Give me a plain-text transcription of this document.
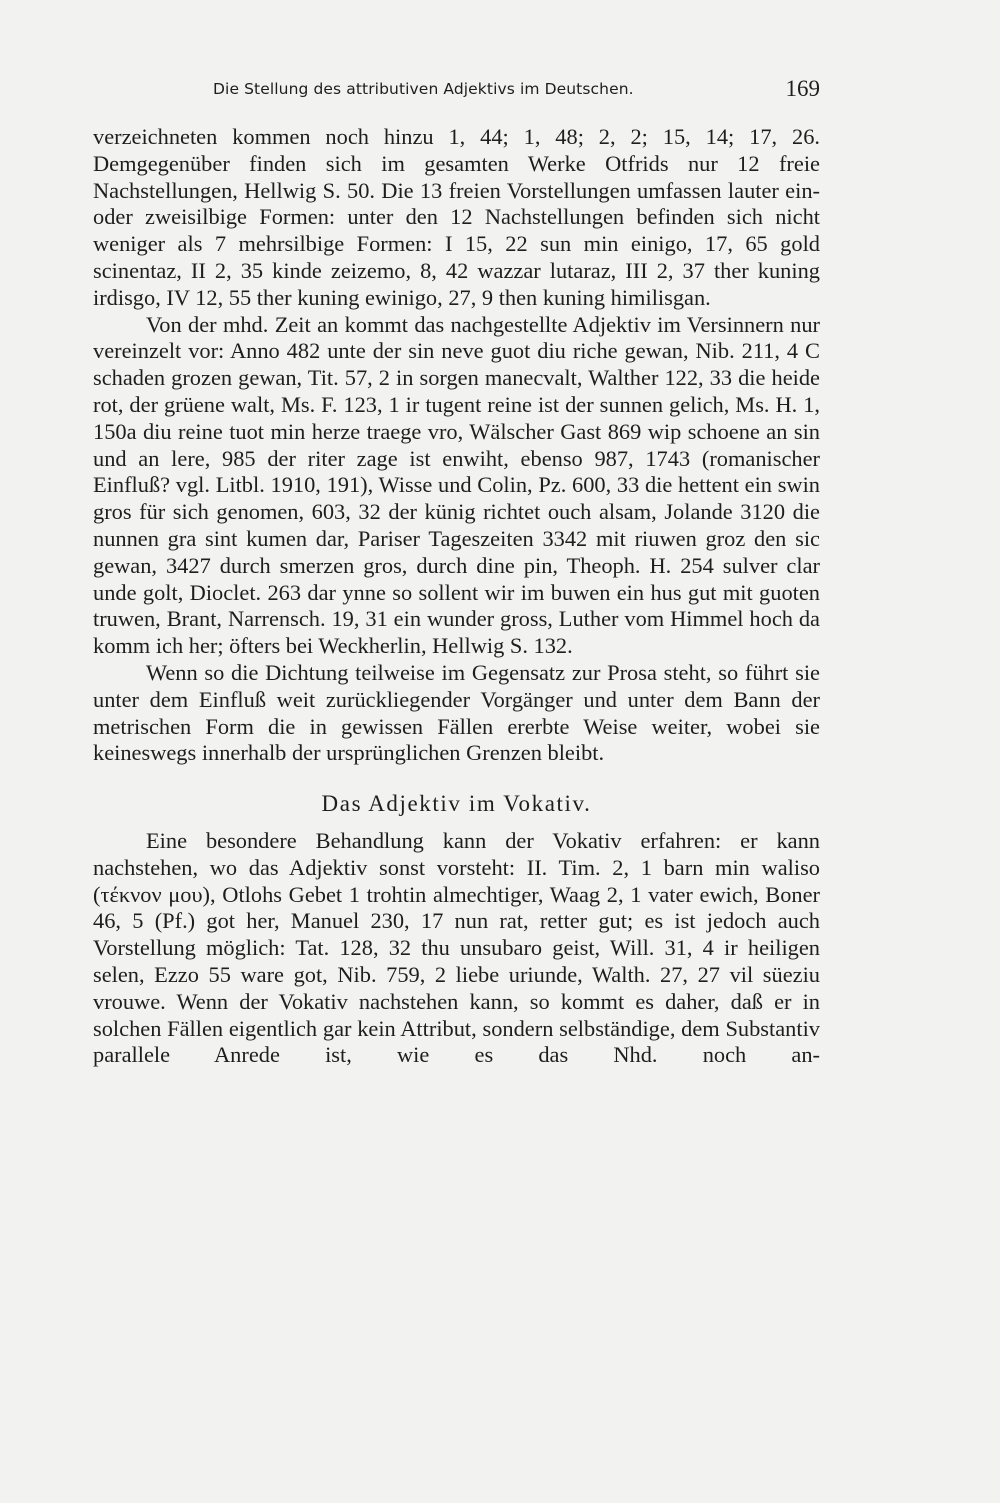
Die Stellung des attributiven Adjektivs im Deutschen.	169

verzeichneten kommen noch hinzu 1, 44; 1, 48; 2, 2; 15, 14; 17, 26. Demgegenüber finden sich im gesamten Werke Otfrids nur 12 freie Nachstellungen, Hellwig S. 50. Die 13 freien Vorstellungen umfassen lauter ein- oder zweisilbige Formen: unter den 12 Nachstellungen befinden sich nicht weniger als 7 mehrsilbige Formen: I 15, 22 sun min einigo, 17, 65 gold scinentaz, II 2, 35 kinde zeizemo, 8, 42 wazzar lutaraz, III 2, 37 ther kuning irdisgo, IV 12, 55 ther kuning ewinigo, 27, 9 then kuning himilisgan.

Von der mhd. Zeit an kommt das nachgestellte Adjektiv im Versinnern nur vereinzelt vor: Anno 482 unte der sin neve guot diu riche gewan, Nib. 211, 4 C schaden grozen gewan, Tit. 57, 2 in sorgen manecvalt, Walther 122, 33 die heide rot, der grüene walt, Ms. F. 123, 1 ir tugent reine ist der sunnen gelich, Ms. H. 1, 150a diu reine tuot min herze traege vro, Wälscher Gast 869 wip schoene an sin und an lere, 985 der riter zage ist enwiht, ebenso 987, 1743 (romanischer Einfluß? vgl. Litbl. 1910, 191), Wisse und Colin, Pz. 600, 33 die hettent ein swin gros für sich genomen, 603, 32 der künig richtet ouch alsam, Jolande 3120 die nunnen gra sint kumen dar, Pariser Tageszeiten 3342 mit riuwen groz den sic gewan, 3427 durch smerzen gros, durch dine pin, Theoph. H. 254 sulver clar unde golt, Dioclet. 263 dar ynne so sollent wir im buwen ein hus gut mit guoten truwen, Brant, Narrensch. 19, 31 ein wunder gross, Luther vom Himmel hoch da komm ich her; öfters bei Weckherlin, Hellwig S. 132.

Wenn so die Dichtung teilweise im Gegensatz zur Prosa steht, so führt sie unter dem Einfluß weit zurückliegender Vorgänger und unter dem Bann der metrischen Form die in gewissen Fällen ererbte Weise weiter, wobei sie keineswegs innerhalb der ursprünglichen Grenzen bleibt.

Das Adjektiv im Vokativ.

Eine besondere Behandlung kann der Vokativ erfahren: er kann nachstehen, wo das Adjektiv sonst vorsteht: II. Tim. 2, 1 barn min waliso (τέκνον μου), Otlohs Gebet 1 trohtin almechtiger, Waag 2, 1 vater ewich, Boner 46, 5 (Pf.) got her, Manuel 230, 17 nun rat, retter gut; es ist jedoch auch Vorstellung möglich: Tat. 128, 32 thu unsubaro geist, Will. 31, 4 ir heiligen selen, Ezzo 55 ware got, Nib. 759, 2 liebe uriunde, Walth. 27, 27 vil süeziu vrouwe. Wenn der Vokativ nachstehen kann, so kommt es daher, daß er in solchen Fällen eigentlich gar kein Attribut, sondern selbständige, dem Substantiv parallele Anrede ist, wie es das Nhd. noch an-
